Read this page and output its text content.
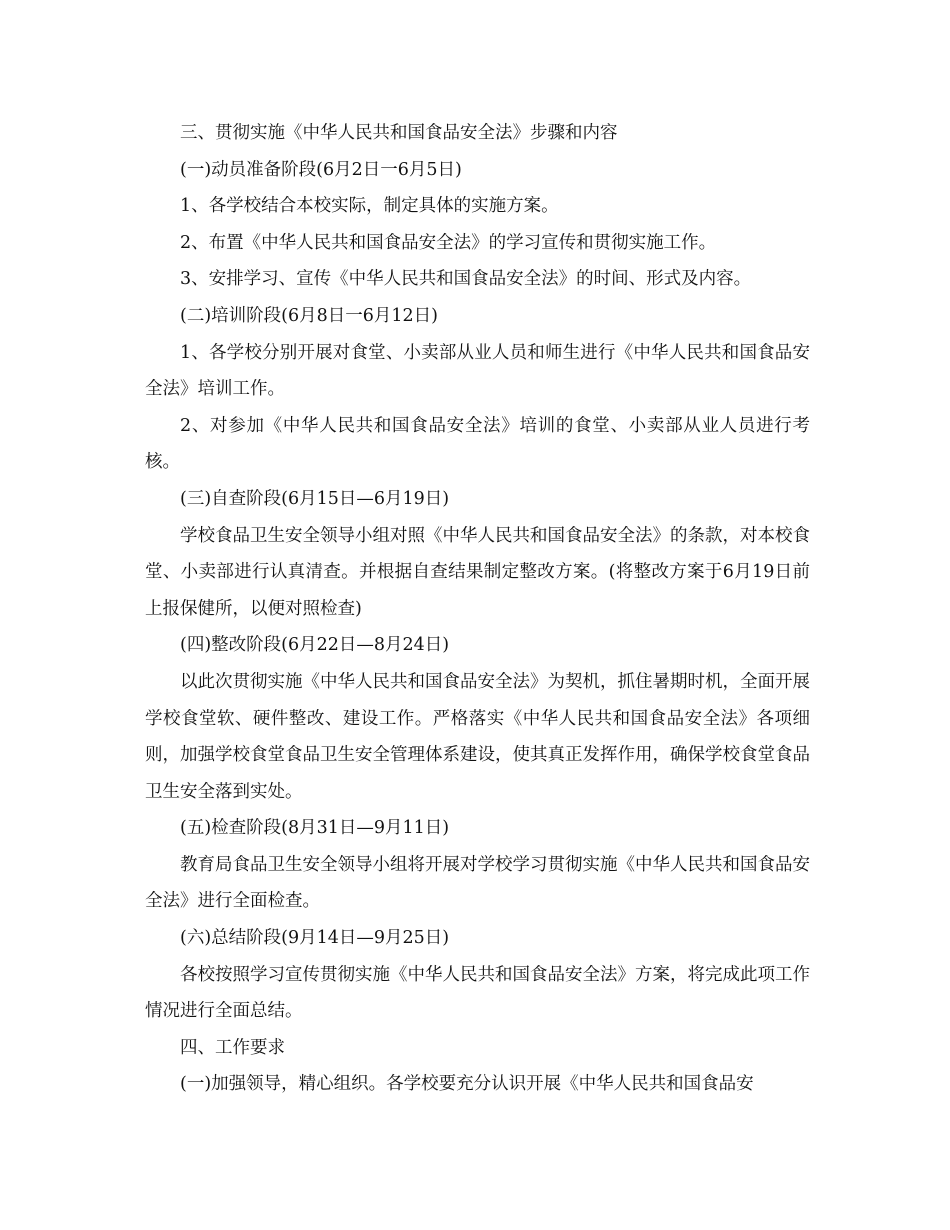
三、贯彻实施《中华人民共和国食品安全法》步骤和内容

(一)动员准备阶段(6月2日一6月5日)

1、各学校结合本校实际，制定具体的实施方案。

2、布置《中华人民共和国食品安全法》的学习宣传和贯彻实施工作。

3、安排学习、宣传《中华人民共和国食品安全法》的时间、形式及内容。

(二)培训阶段(6月8日一6月12日)

1、各学校分别开展对食堂、小卖部从业人员和师生进行《中华人民共和国食品安全法》培训工作。

2、对参加《中华人民共和国食品安全法》培训的食堂、小卖部从业人员进行考核。

(三)自查阶段(6月15日—6月19日)

学校食品卫生安全领导小组对照《中华人民共和国食品安全法》的条款，对本校食堂、小卖部进行认真清查。并根据自查结果制定整改方案。(将整改方案于6月19日前上报保健所，以便对照检查)

(四)整改阶段(6月22日—8月24日)

以此次贯彻实施《中华人民共和国食品安全法》为契机，抓住暑期时机，全面开展学校食堂软、硬件整改、建设工作。严格落实《中华人民共和国食品安全法》各项细则，加强学校食堂食品卫生安全管理体系建设，使其真正发挥作用，确保学校食堂食品卫生安全落到实处。

(五)检查阶段(8月31日—9月11日)

教育局食品卫生安全领导小组将开展对学校学习贯彻实施《中华人民共和国食品安全法》进行全面检查。

(六)总结阶段(9月14日—9月25日)

各校按照学习宣传贯彻实施《中华人民共和国食品安全法》方案，将完成此项工作情况进行全面总结。

四、工作要求

(一)加强领导，精心组织。各学校要充分认识开展《中华人民共和国食品安
